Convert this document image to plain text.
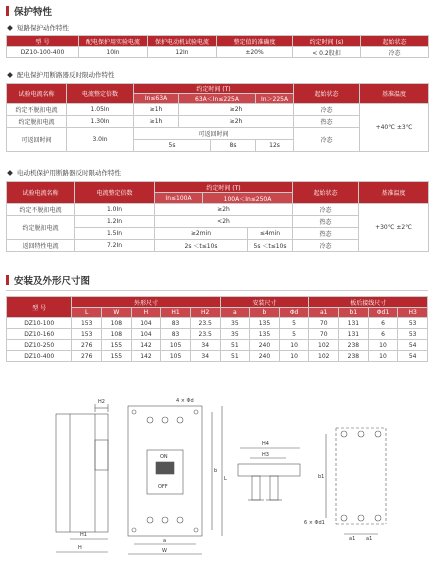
保护特性
短路保护动作特性
型 号	配电保护用实验电流	保护电动机试验电流	整定值的准确度	约定时间 (s)	起始状态
DZ10-100-400	10In	12In	±20%	< 0.2股扣	冷态
配电保护用断路器反时限动作特性
试验电流名称	电流整定倍数	约定时间 (T)				起始状态	基准温度
		In≤63A	63A＜In≤225A		In＞225A		
约定不脱扣电流	1.05In	≥1h	≥2h			冷态	+40℃ ±3℃
约定脱扣电流	1.30In	≥1h	≥2h			热态	
可返回时间	3.0In	可返回时间				冷态	
		5s		8s	12s		
电动机保护用断路器反时限动作特性
试验电流名称	电流整定倍数	约定时间 (T)			起始状态	基准温度
		In≤100A	100A＜In≤250A			
约定不脱扣电流	1.0In	≥2h			冷态	+30℃ ±2℃
约定脱扣电流	1.2In	<2h			热态	
	1.5In	≥2min		≤4min	热态	
返回特性电流	7.2In	2s ＜t≤10s		5s ＜t≤10s	冷态	
安装及外形尺寸图
型 号	外形尺寸					安装尺寸			板后接线尺寸			
	L	W	H	H1	H2	a	b	Φd	a1	b1	Φd1	H3
DZ10-100	153	108	104	83	23.5	35	135	5	70	131	6	53
DZ10-160	153	108	104	83	23.5	35	135	5	70	131	6	53
DZ10-250	276	155	142	105	34	51	240	10	102	238	10	54
DZ10-400	276	155	142	105	34	51	240	10	102	238	10	54
H2
H1
H
ON
OFF
4 × Φd
b
L
a
W
H4
H3
b1
6 × Φd1
a1 a1
